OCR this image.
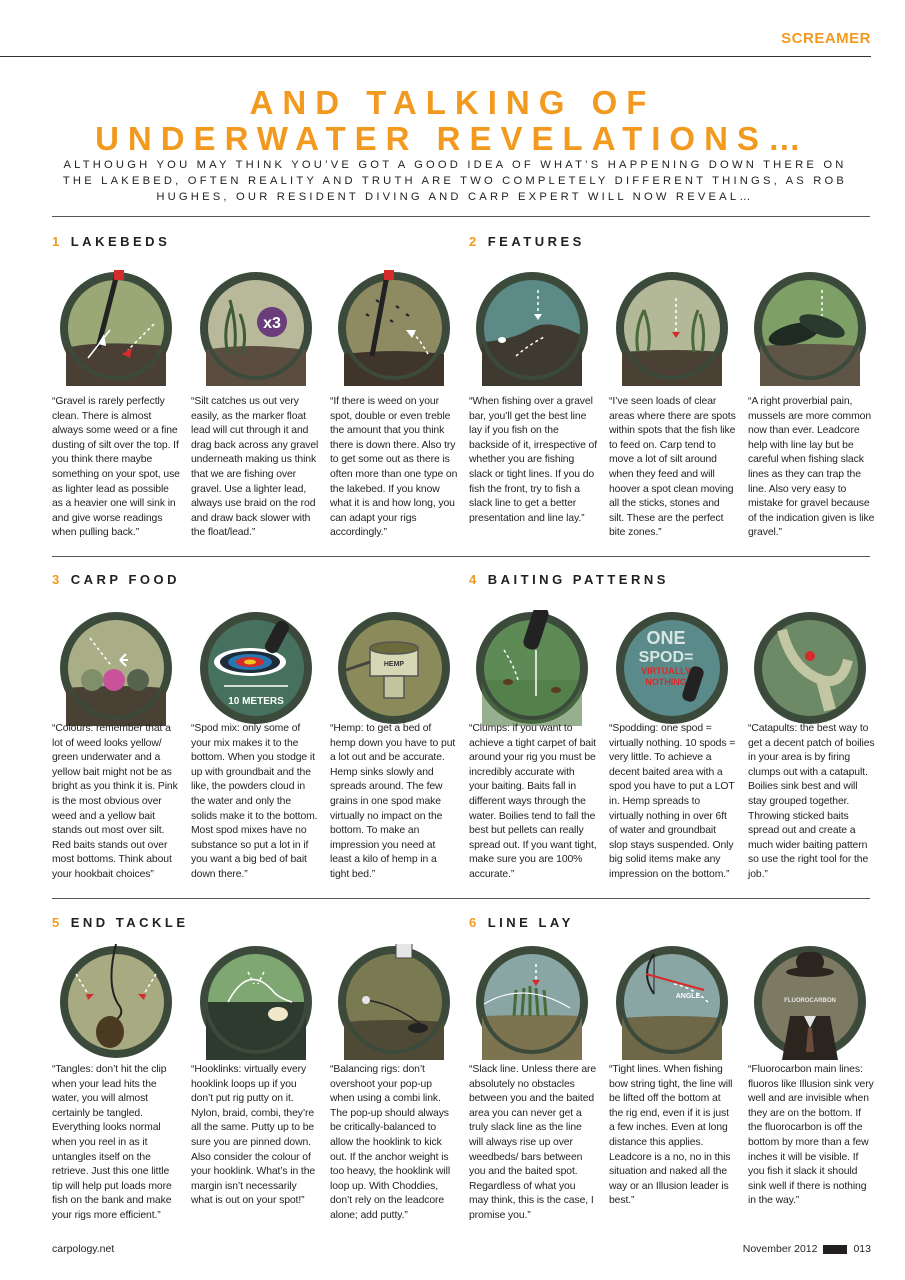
SCREAMER
AND TALKING OF
UNDERWATER REVELATIONS…
ALTHOUGH YOU MAY THINK YOU’VE GOT A GOOD IDEA OF WHAT’S HAPPENING DOWN THERE ON THE LAKEBED, OFTEN REALITY AND TRUTH ARE TWO COMPLETELY DIFFERENT THINGS, AS ROB HUGHES, OUR RESIDENT DIVING AND CARP EXPERT WILL NOW REVEAL…
1 LAKEBEDS	2 FEATURES
3 CARP FOOD	4 BAITING PATTERNS
5 END TACKLE	6 LINE LAY
x3
“Gravel is rarely perfectly clean. There is almost always some weed or a fine dusting of silt over the top. If you think there maybe something on your spot, use as lighter lead as possible as a heavier one will sink in and give worse readings when pulling back.”
“Silt catches us out very easily, as the marker float lead will cut through it and drag back across any gravel underneath making us think that we are fishing over gravel. Use a lighter lead, always use braid on the rod and draw back slower with the float/lead.”
“If there is weed on your spot, double or even treble the amount that you think there is down there. Also try to get some out as there is often more than one type on the lakebed. If you know what it is and how long, you can adapt your rigs accordingly.”
“When fishing over a gravel bar, you’ll get the best line lay if you fish on the backside of it, irrespective of whether you are fishing slack or tight lines. If you do fish the front, try to fish a slack line to get a better presentation and line lay.”
“I’ve seen loads of clear areas where there are spots within spots that the fish like to feed on. Carp tend to move a lot of silt around when they feed and will hoover a spot clean moving all the sticks, stones and silt. These are the perfect bite zones.”
“A right proverbial pain, mussels are more common now than ever. Leadcore help with line lay but be careful when fishing slack lines as they can trap the line. Also very easy to mistake for gravel because of the indication given is like gravel.”
10 METERS
HEMP
ONE
SPOD=
VIRTUALLY
NOTHING
“Colours: remember that a lot of weed looks yellow/ green underwater and a yellow bait might not be as bright as you think it is. Pink is the most obvious over weed and a yellow bait stands out most over silt. Red baits stands out over most bottoms. Think about your hookbait choices”
“Spod mix: only some of your mix makes it to the bottom. When you stodge it up with groundbait and the like, the powders cloud in the water and only the solids make it to the bottom. Most spod mixes have no substance so put a lot in if you want a big bed of bait down there.”
“Hemp: to get a bed of hemp down you have to put a lot out and be accurate. Hemp sinks slowly and spreads around. The few grains in one spod make virtually no impact on the bottom. To make an impression you need at least a kilo of hemp in a tight bed.”
“Clumps: if you want to achieve a tight carpet of bait around your rig you must be incredibly accurate with your baiting. Baits fall in different ways through the water. Boilies tend to fall the best but pellets can really spread out. If you want tight, make sure you are 100% accurate.”
“Spodding: one spod = virtually nothing. 10 spods = very little. To achieve a decent baited area with a spod you have to put a LOT in. Hemp spreads to virtually nothing in over 6ft of water and groundbait slop stays suspended. Only big solid items make any impression on the bottom.”
“Catapults: the best way to get a decent patch of boilies in your area is by firing clumps out with a catapult. Boilies sink best and will stay grouped together. Throwing sticked baits spread out and create a much wider baiting pattern so use the right tool for the job.”
ANGLE
FLUOROCARBON
“Tangles: don’t hit the clip when your lead hits the water, you will almost certainly be tangled. Everything looks normal when you reel in as it untangles itself on the retrieve. Just this one little tip will help put loads more fish on the bank and make your rigs more efficient.”
“Hooklinks: virtually every hooklink loops up if you don’t put rig putty on it. Nylon, braid, combi, they’re all the same. Putty up to be sure you are pinned down. Also consider the colour of your hooklink. What’s in the margin isn’t necessarily what is out on your spot!”
“Balancing rigs: don’t overshoot your pop-up when using a combi link. The pop-up should always be critically-balanced to allow the hooklink to kick out. If the anchor weight is too heavy, the hooklink will loop up. With Choddies, don’t rely on the leadcore alone; add putty.”
“Slack line. Unless there are absolutely no obstacles between you and the baited area you can never get a truly slack line as the line will always rise up over weedbeds/ bars between you and the baited spot. Regardless of what you may think, this is the case, I promise you.”
“Tight lines. When fishing bow string tight, the line will be lifted off the bottom at the rig end, even if it is just a few inches. Even at long distance this applies. Leadcore is a no, no in this situation and naked all the way or an Illusion leader is best.”
“Fluorocarbon main lines: fluoros like Illusion sink very well and are invisible when they are on the bottom. If the fluorocarbon is off the bottom by more than a few inches it will be visible. If you fish it slack it should sink well if there is nothing in the way.”
carpology.net	November 2012	013
